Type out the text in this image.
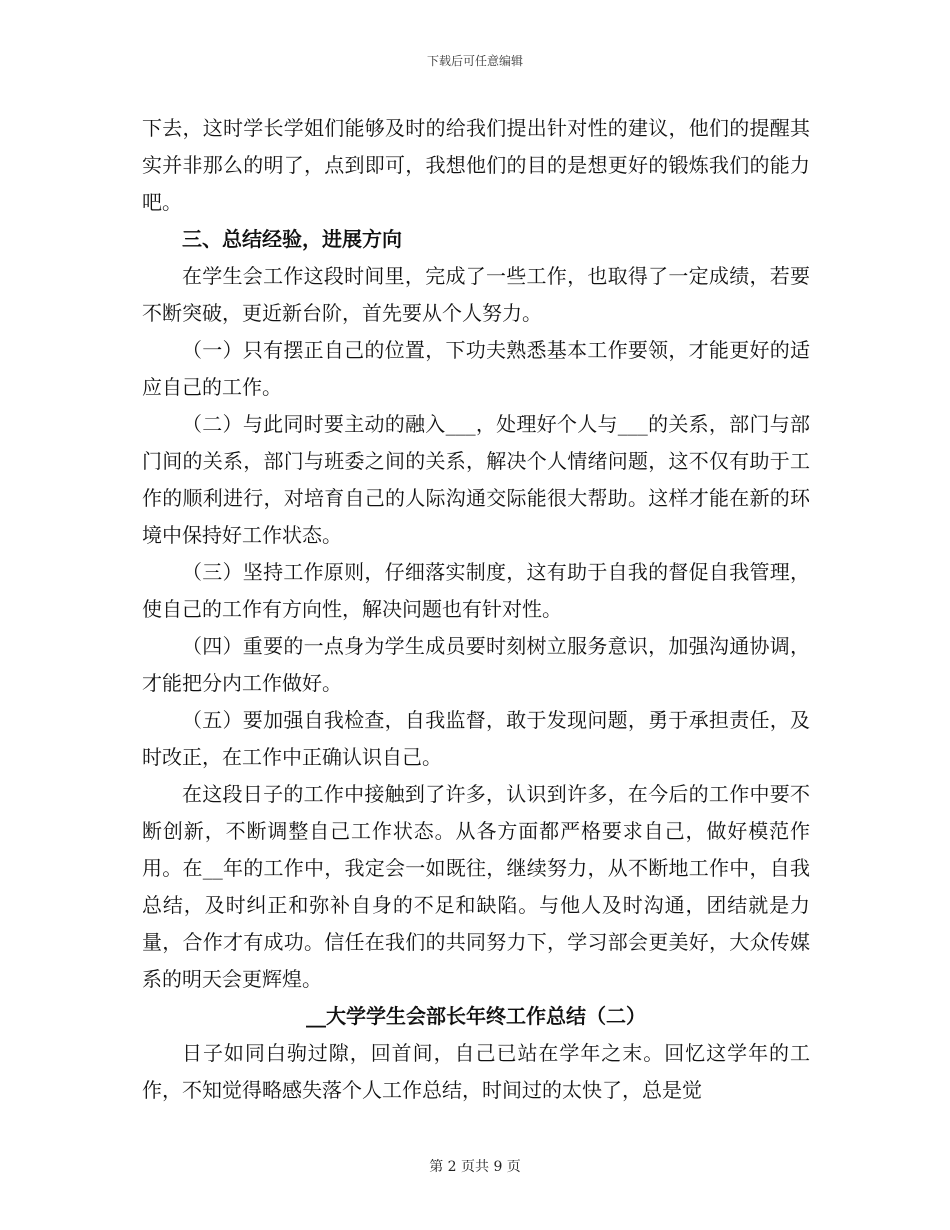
下载后可任意编辑

下去，这时学长学姐们能够及时的给我们提出针对性的建议，他们的提醒其实并非那么的明了，点到即可，我想他们的目的是想更好的锻炼我们的能力吧。

三、总结经验，进展方向

在学生会工作这段时间里，完成了一些工作，也取得了一定成绩，若要不断突破，更近新台阶，首先要从个人努力。

（一）只有摆正自己的位置，下功夫熟悉基本工作要领，才能更好的适应自己的工作。

（二）与此同时要主动的融入___，处理好个人与___的关系，部门与部门间的关系，部门与班委之间的关系，解决个人情绪问题，这不仅有助于工作的顺利进行，对培育自己的人际沟通交际能很大帮助。这样才能在新的环境中保持好工作状态。

（三）坚持工作原则，仔细落实制度，这有助于自我的督促自我管理，使自己的工作有方向性，解决问题也有针对性。

（四）重要的一点身为学生成员要时刻树立服务意识，加强沟通协调，才能把分内工作做好。

（五）要加强自我检查，自我监督，敢于发现问题，勇于承担责任，及时改正，在工作中正确认识自己。

在这段日子的工作中接触到了许多，认识到许多，在今后的工作中要不断创新，不断调整自己工作状态。从各方面都严格要求自己，做好模范作用。在__年的工作中，我定会一如既往，继续努力，从不断地工作中，自我总结，及时纠正和弥补自身的不足和缺陷。与他人及时沟通，团结就是力量，合作才有成功。信任在我们的共同努力下，学习部会更美好，大众传媒系的明天会更辉煌。

__大学学生会部长年终工作总结（二）

日子如同白驹过隙，回首间，自己已站在学年之末。回忆这学年的工作，不知觉得略感失落个人工作总结，时间过的太快了，总是觉

第 2 页共 9 页
